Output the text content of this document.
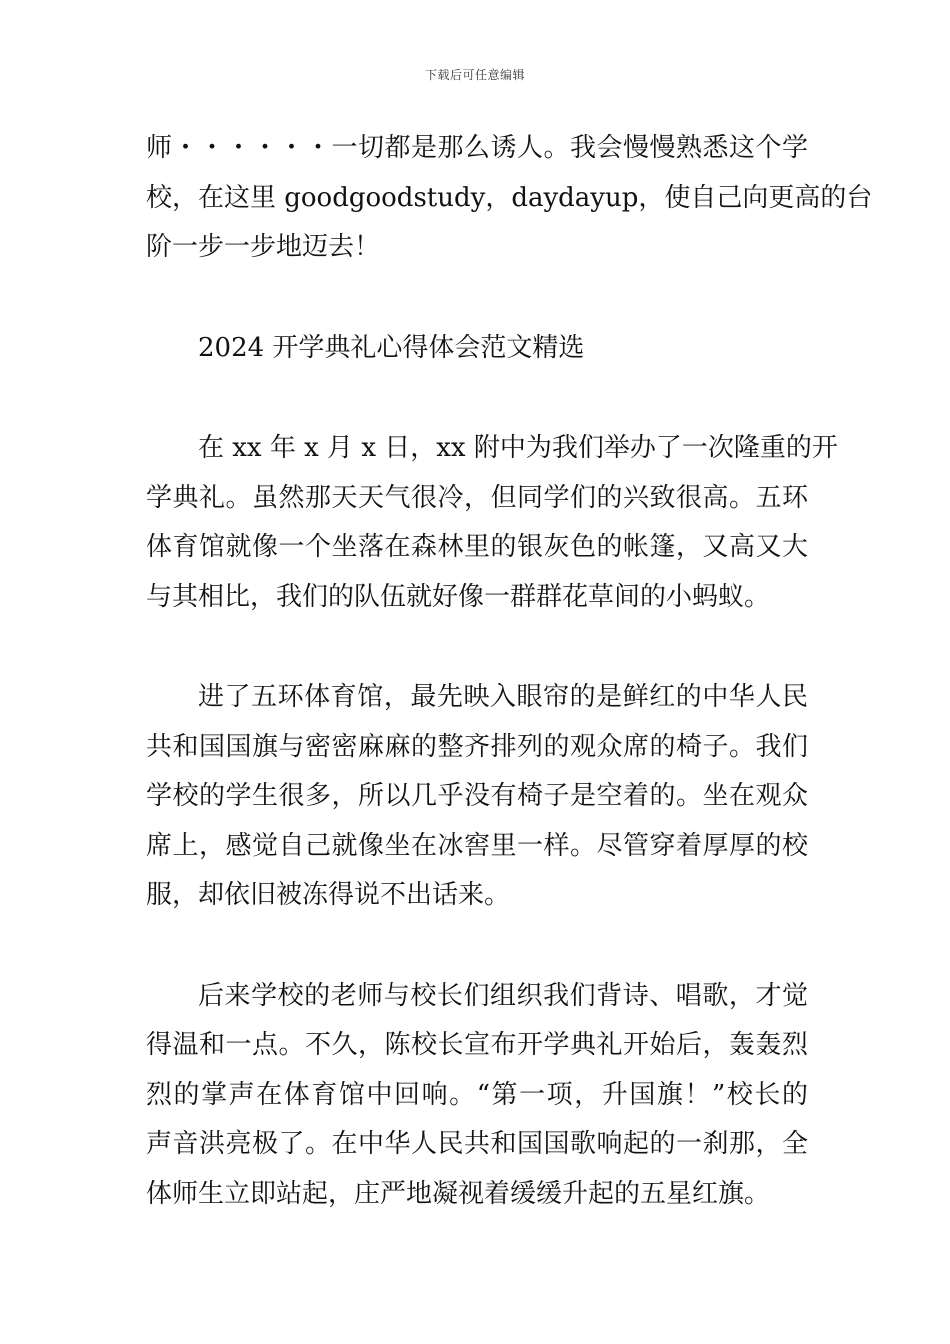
下载后可任意编辑

师・・・・・・一切都是那么诱人。我会慢慢熟悉这个学
校，在这里 goodgoodstudy，daydayup，使自己向更高的台
阶一步一步地迈去！

2024 开学典礼心得体会范文精选

在 xx 年 x 月 x 日，xx 附中为我们举办了一次隆重的开
学典礼。虽然那天天气很冷，但同学们的兴致很高。五环
体育馆就像一个坐落在森林里的银灰色的帐篷，又高又大
与其相比，我们的队伍就好像一群群花草间的小蚂蚁。

进了五环体育馆，最先映入眼帘的是鲜红的中华人民
共和国国旗与密密麻麻的整齐排列的观众席的椅子。我们
学校的学生很多，所以几乎没有椅子是空着的。坐在观众
席上，感觉自己就像坐在冰窖里一样。尽管穿着厚厚的校
服，却依旧被冻得说不出话来。

后来学校的老师与校长们组织我们背诗、唱歌，才觉
得温和一点。不久，陈校长宣布开学典礼开始后，轰轰烈
烈的掌声在体育馆中回响。“第一项，升国旗！”校长的
声音洪亮极了。在中华人民共和国国歌响起的一刹那，全
体师生立即站起，庄严地凝视着缓缓升起的五星红旗。
